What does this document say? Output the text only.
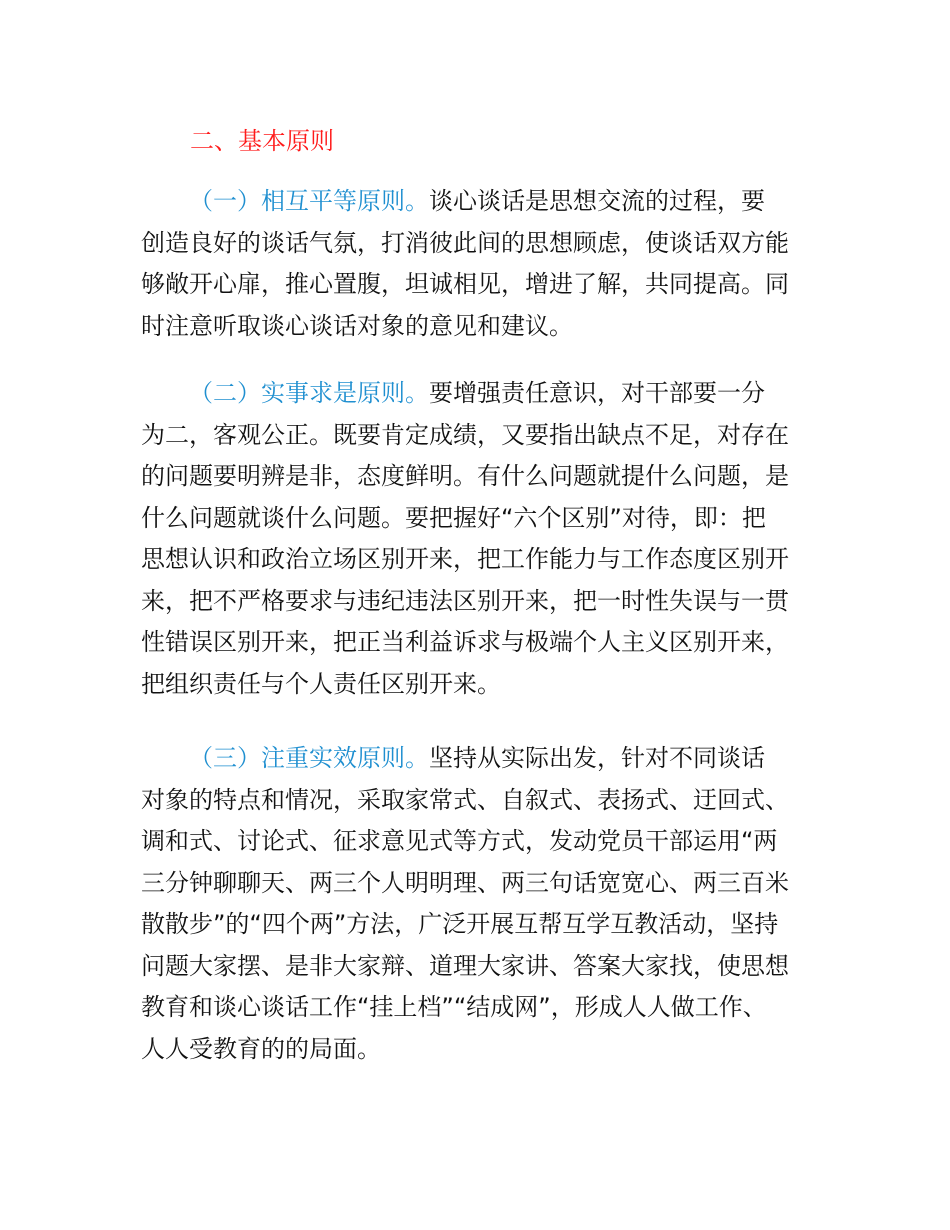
二、基本原则
（一）相互平等原则。谈心谈话是思想交流的过程，要
创造良好的谈话气氛，打消彼此间的思想顾虑，使谈话双方能
够敞开心扉，推心置腹，坦诚相见，增进了解，共同提高。同
时注意听取谈心谈话对象的意见和建议。
（二）实事求是原则。要增强责任意识，对干部要一分
为二，客观公正。既要肯定成绩，又要指出缺点不足，对存在
的问题要明辨是非，态度鲜明。有什么问题就提什么问题，是
什么问题就谈什么问题。要把握好“六个区别”对待，即：把
思想认识和政治立场区别开来，把工作能力与工作态度区别开
来，把不严格要求与违纪违法区别开来，把一时性失误与一贯
性错误区别开来，把正当利益诉求与极端个人主义区别开来，
把组织责任与个人责任区别开来。
（三）注重实效原则。坚持从实际出发，针对不同谈话
对象的特点和情况，采取家常式、自叙式、表扬式、迂回式、
调和式、讨论式、征求意见式等方式，发动党员干部运用“两
三分钟聊聊天、两三个人明明理、两三句话宽宽心、两三百米
散散步”的“四个两”方法，广泛开展互帮互学互教活动，坚持
问题大家摆、是非大家辩、道理大家讲、答案大家找，使思想
教育和谈心谈话工作“挂上档”“结成网”，形成人人做工作、
人人受教育的的局面。
